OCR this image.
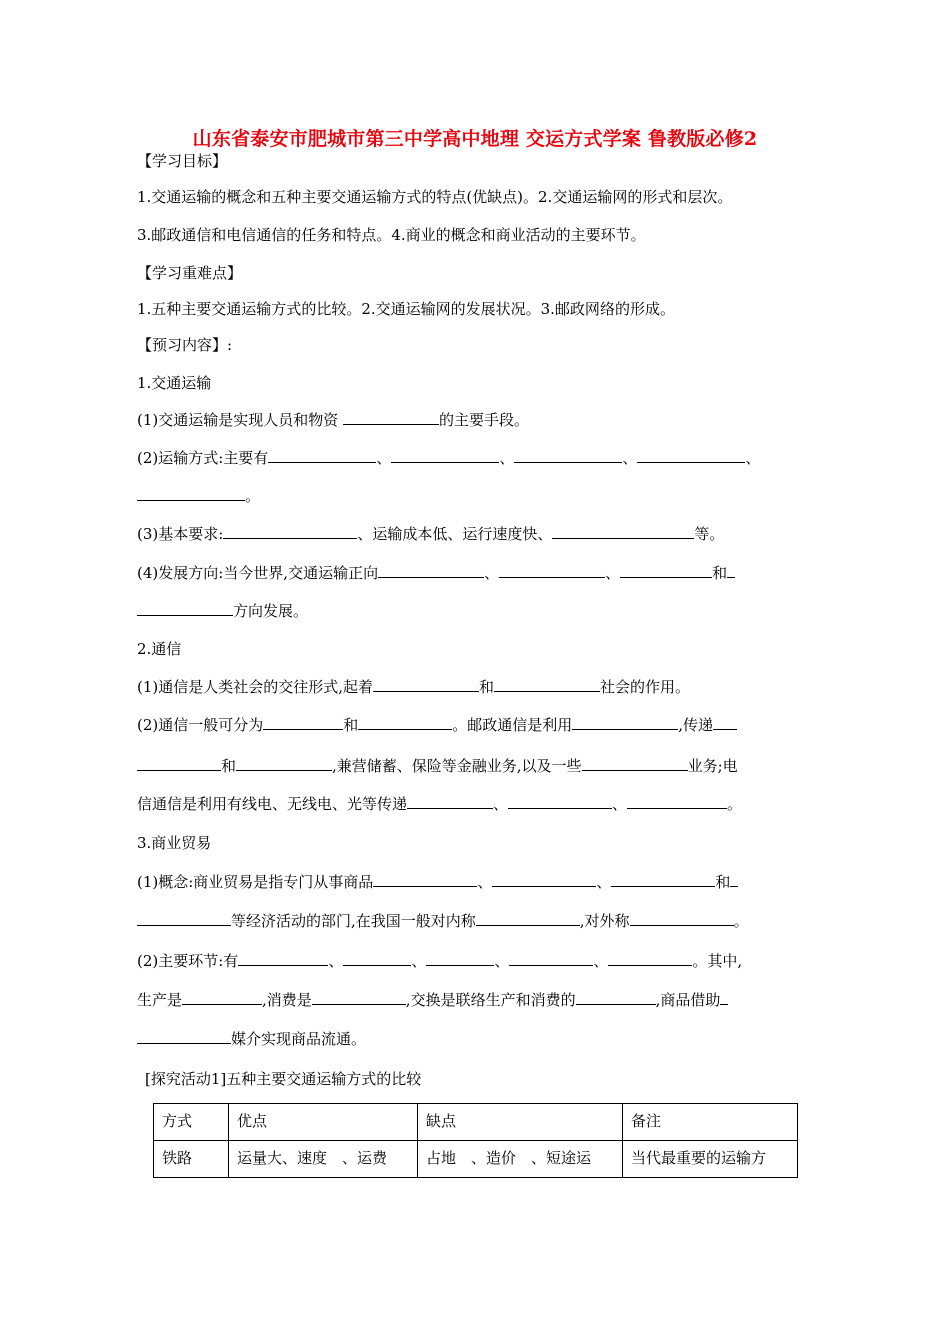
山东省泰安市肥城市第三中学高中地理 交运方式学案 鲁教版必修2
【学习目标】
1.交通运输的概念和五种主要交通运输方式的特点(优缺点)。2.交通运输网的形式和层次。
3.邮政通信和电信通信的任务和特点。4.商业的概念和商业活动的主要环节。
【学习重难点】
1.五种主要交通运输方式的比较。2.交通运输网的发展状况。3.邮政网络的形成。
【预习内容】:
1.交通运输
(1)交通运输是实现人员和物资	的主要手段。
(2)运输方式:主要有	、	、	、	、
。
(3)基本要求:	、运输成本低、运行速度快、	等。
(4)发展方向:当今世界,交通运输正向	、	、	和
方向发展。
2.通信
(1)通信是人类社会的交往形式,起着	和	社会的作用。
(2)通信一般可分为	和	。邮政通信是利用	,传递
和	,兼营储蓄、保险等金融业务,以及一些	业务;电
信通信是利用有线电、无线电、光等传递	、	、	。
3.商业贸易
(1)概念:商业贸易是指专门从事商品	、	、	和
等经济活动的部门,在我国一般对内称	,对外称	。
(2)主要环节:有	、	、	、	、	。其中,
生产是	,消费是	,交换是联络生产和消费的	,商品借助
媒介实现商品流通。
[探究活动1]五种主要交通运输方式的比较
方式	优点	缺点	备注
铁路	运量大、速度　、运费	占地　、造价　、短途运	当代最重要的运输方
